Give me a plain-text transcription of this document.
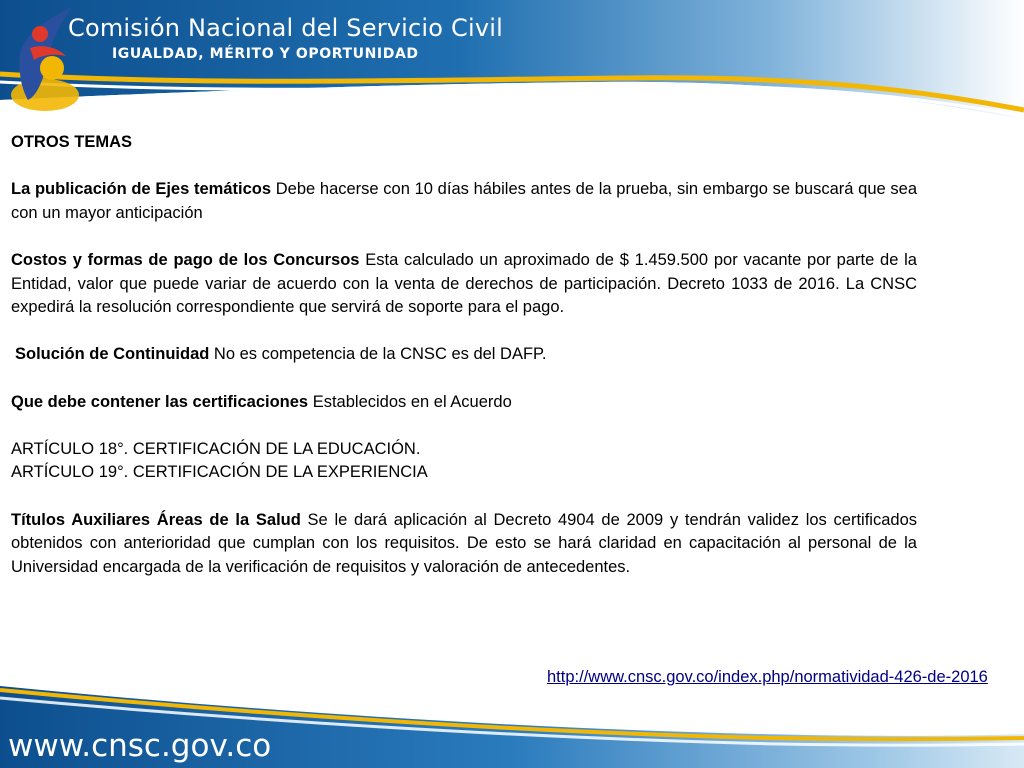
Comisión Nacional del Servicio Civil
IGUALDAD, MÉRITO Y OPORTUNIDAD

OTROS TEMAS

La publicación de Ejes temáticos Debe hacerse con 10 días hábiles antes de la prueba, sin embargo se buscará que sea con un mayor anticipación

Costos y formas de pago de los Concursos Esta calculado un aproximado de $ 1.459.500 por vacante por parte de la Entidad, valor que puede variar de acuerdo con la venta de derechos de participación. Decreto 1033 de 2016. La CNSC expedirá la resolución correspondiente que servirá de soporte para el pago.

Solución de Continuidad No es competencia de la CNSC es del DAFP.

Que debe contener las certificaciones Establecidos en el Acuerdo

ARTÍCULO 18°. CERTIFICACIÓN DE LA EDUCACIÓN.

ARTÍCULO 19°. CERTIFICACIÓN DE LA EXPERIENCIA

Títulos Auxiliares Áreas de la Salud Se le dará aplicación al Decreto 4904 de 2009 y tendrán validez los certificados obtenidos con anterioridad que cumplan con los requisitos. De esto se hará claridad en capacitación al personal de la Universidad encargada de la verificación de requisitos y valoración de antecedentes.

http://www.cnsc.gov.co/index.php/normatividad-426-de-2016
www.cnsc.gov.co
